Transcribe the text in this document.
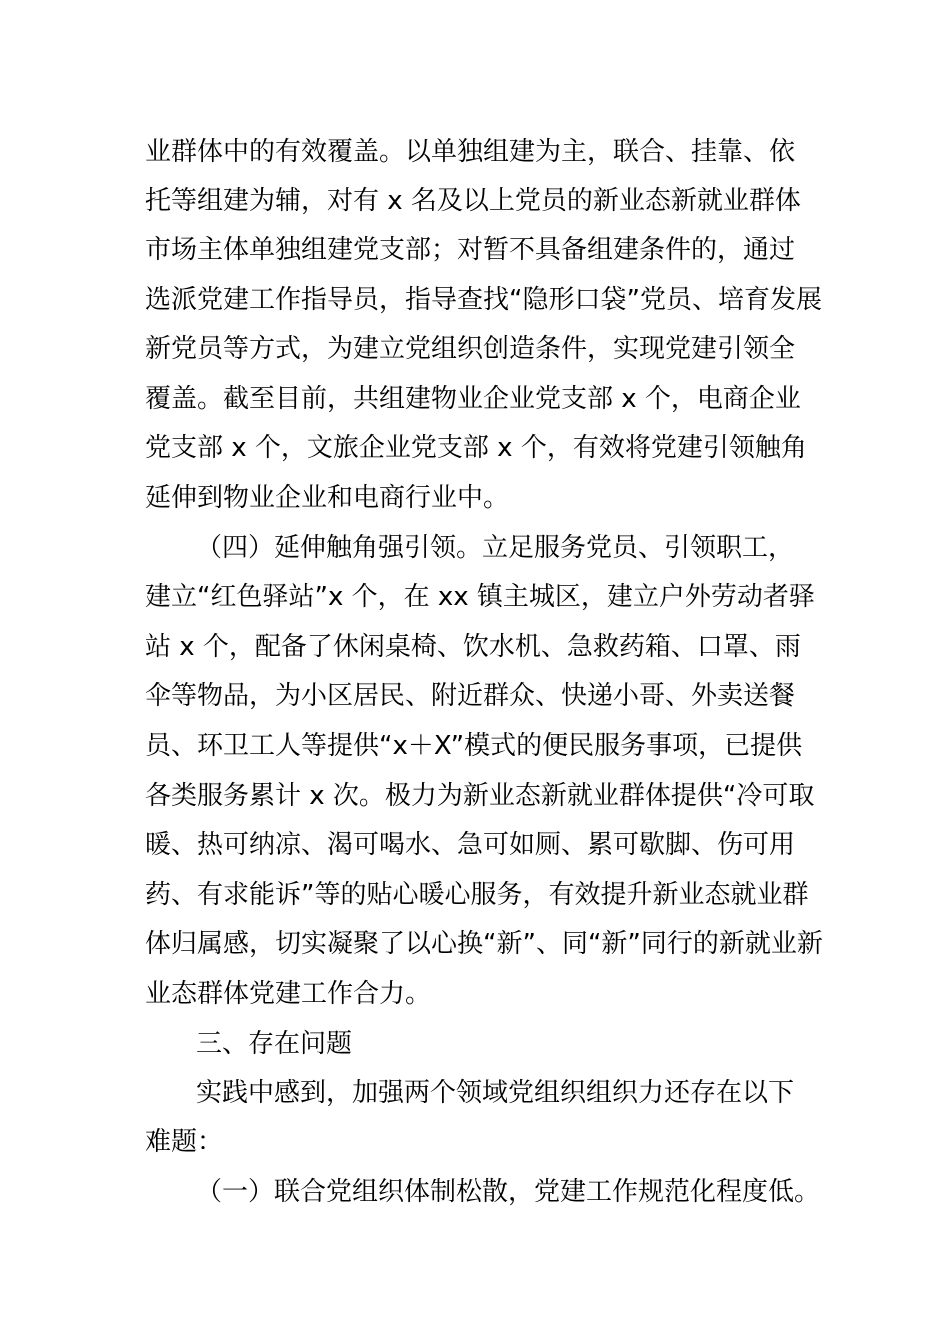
业群体中的有效覆盖。以单独组建为主，联合、挂靠、依
托等组建为辅，对有 x 名及以上党员的新业态新就业群体
市场主体单独组建党支部；对暂不具备组建条件的，通过
选派党建工作指导员，指导查找“隐形口袋”党员、培育发展
新党员等方式，为建立党组织创造条件，实现党建引领全
覆盖。截至目前，共组建物业企业党支部 x 个，电商企业
党支部 x 个，文旅企业党支部 x 个，有效将党建引领触角
延伸到物业企业和电商行业中。
（四）延伸触角强引领。立足服务党员、引领职工，
建立“红色驿站”x 个，在 xx 镇主城区，建立户外劳动者驿
站 x 个，配备了休闲桌椅、饮水机、急救药箱、口罩、雨
伞等物品，为小区居民、附近群众、快递小哥、外卖送餐
员、环卫工人等提供“x＋X”模式的便民服务事项，已提供
各类服务累计 x 次。极力为新业态新就业群体提供“冷可取
暖、热可纳凉、渴可喝水、急可如厕、累可歇脚、伤可用
药、有求能诉”等的贴心暖心服务，有效提升新业态就业群
体归属感，切实凝聚了以心换“新”、同“新”同行的新就业新
业态群体党建工作合力。
三、存在问题
实践中感到，加强两个领域党组织组织力还存在以下
难题：
（一）联合党组织体制松散，党建工作规范化程度低。
